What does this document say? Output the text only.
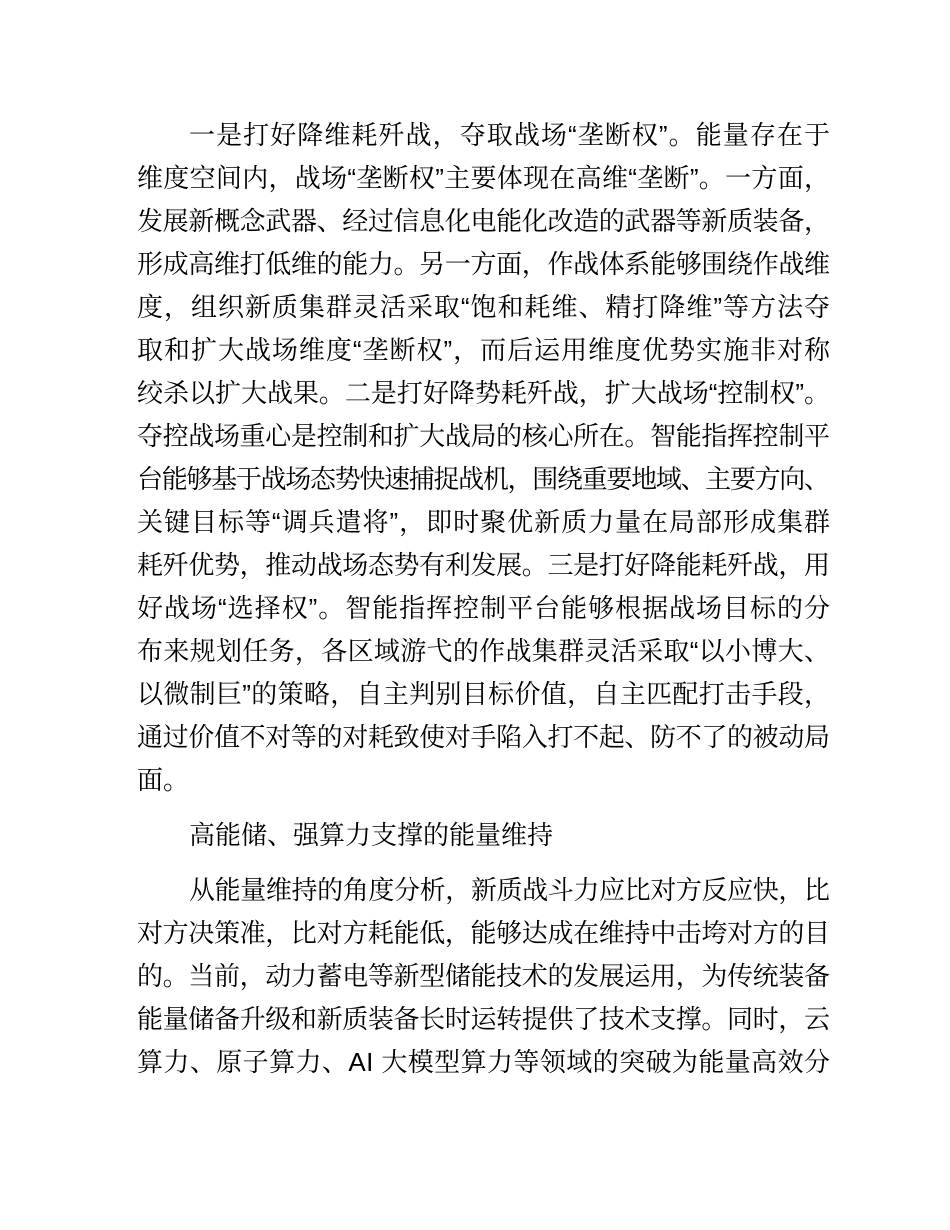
一是打好降维耗歼战，夺取战场“垄断权”。能量存在于
维度空间内，战场“垄断权”主要体现在高维“垄断”。一方面，
发展新概念武器、经过信息化电能化改造的武器等新质装备，
形成高维打低维的能力。另一方面，作战体系能够围绕作战维
度，组织新质集群灵活采取“饱和耗维、精打降维”等方法夺
取和扩大战场维度“垄断权”，而后运用维度优势实施非对称
绞杀以扩大战果。二是打好降势耗歼战，扩大战场“控制权”。
夺控战场重心是控制和扩大战局的核心所在。智能指挥控制平
台能够基于战场态势快速捕捉战机，围绕重要地域、主要方向、
关键目标等“调兵遣将”，即时聚优新质力量在局部形成集群
耗歼优势，推动战场态势有利发展。三是打好降能耗歼战，用
好战场“选择权”。智能指挥控制平台能够根据战场目标的分
布来规划任务，各区域游弋的作战集群灵活采取“以小博大、
以微制巨”的策略，自主判别目标价值，自主匹配打击手段，
通过价值不对等的对耗致使对手陷入打不起、防不了的被动局
面。
高能储、强算力支撑的能量维持
从能量维持的角度分析，新质战斗力应比对方反应快，比
对方决策准，比对方耗能低，能够达成在维持中击垮对方的目
的。当前，动力蓄电等新型储能技术的发展运用，为传统装备
能量储备升级和新质装备长时运转提供了技术支撑。同时，云
算力、原子算力、AI 大模型算力等领域的突破为能量高效分
